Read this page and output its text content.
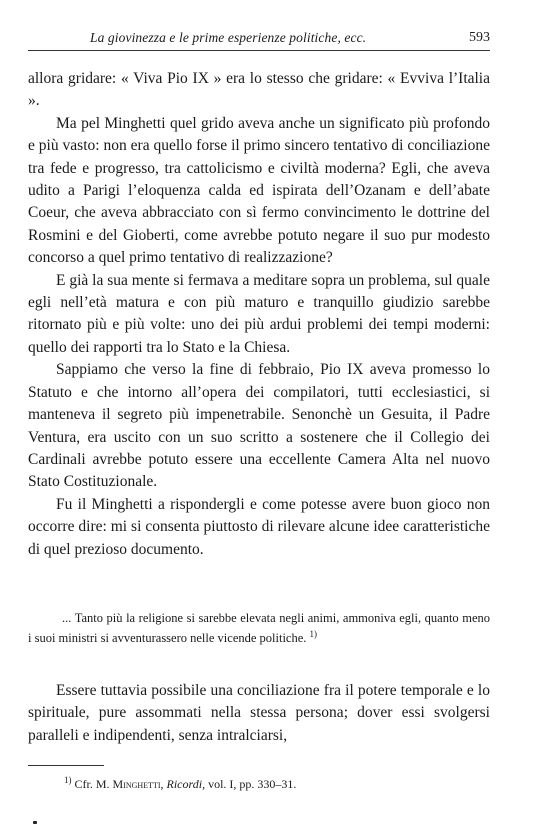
La giovinezza e le prime esperienze politiche, ecc.	593

allora gridare: « Viva Pio IX » era lo stesso che gridare: « Evviva l’Italia ».

Ma pel Minghetti quel grido aveva anche un significato più profondo e più vasto: non era quello forse il primo sincero tentativo di conciliazione tra fede e progresso, tra cattolicismo e civiltà moderna? Egli, che aveva udito a Parigi l’eloquenza calda ed ispirata dell’Ozanam e dell’abate Coeur, che aveva abbracciato con sì fermo convincimento le dottrine del Rosmini e del Gioberti, come avrebbe potuto negare il suo pur modesto concorso a quel primo tentativo di realizzazione?

E già la sua mente si fermava a meditare sopra un problema, sul quale egli nell’età matura e con più maturo e tranquillo giudizio sarebbe ritornato più e più volte: uno dei più ardui problemi dei tempi moderni: quello dei rapporti tra lo Stato e la Chiesa.

Sappiamo che verso la fine di febbraio, Pio IX aveva promesso lo Statuto e che intorno all’opera dei compilatori, tutti ecclesiastici, si manteneva il segreto più impenetrabile. Senonchè un Gesuita, il Padre Ventura, era uscito con un suo scritto a sostenere che il Collegio dei Cardinali avrebbe potuto essere una eccellente Camera Alta nel nuovo Stato Costituzionale.

Fu il Minghetti a rispondergli e come potesse avere buon gioco non occorre dire: mi si consenta piuttosto di rilevare alcune idee caratteristiche di quel prezioso documento.

... Tanto più la religione si sarebbe elevata negli animi, ammoniva egli, quanto meno i suoi ministri si avventurassero nelle vicende politiche. $^{1)}$

Essere tuttavia possibile una conciliazione fra il potere temporale e lo spirituale, pure assommati nella stessa persona; dover essi svolgersi paralleli e indipendenti, senza intralciarsi,

$^{1)}$ Cfr. M. Minghetti, Ricordi, vol. I, pp. 330–31.
